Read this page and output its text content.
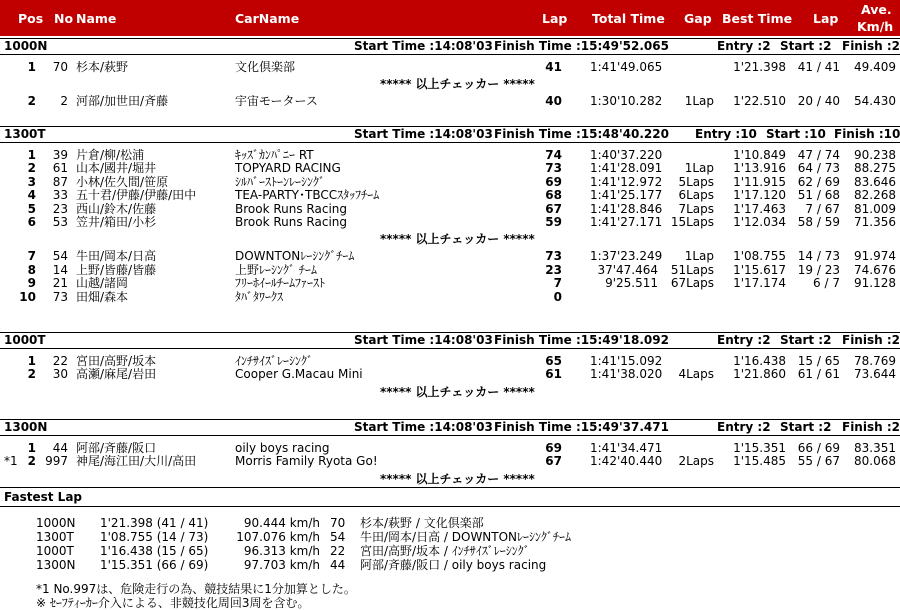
Pos No Name	CarName	Lap Total Time Gap Best Time Lap
Ave.
Km/h
1000N	Start Time :14:08'03 Finish Time :15:49'52.065	Entry :2 Start :2 Finish :2
1	70 杉本/萩野	文化倶楽部	41 1:41'49.065	1'21.398 41 / 41	49.409
***** 以上チェッカー *****
2	2 河部/加世田/斉藤	宇宙モータース	40 1:30'10.282	1Lap	1'22.510 20 / 40	54.430
1300T	Start Time :14:08'03 Finish Time :15:48'40.220 Entry :10 Start :10 Finish :10
1	39 片倉/柳/松浦	ｷｯｽﾞｶﾝﾊﾟﾆｰ RT	74 1:40'37.220	1'10.849 47 / 74	90.238
2	61 山本/國井/堀井	TOPYARD RACING	73 1:41'28.091	1Lap	1'13.916 64 / 73	88.275
3	87 小林/佐久間/笹原	ｼﾙﾊﾞｰｽﾄｰﾝﾚｰｼﾝｸﾞ	69 1:41'12.972	5Laps	1'11.915 62 / 69	83.646
4	33 五十君/伊藤/伊藤/田中	TEA-PARTY･TBCCｽﾀｯﾌﾁｰﾑ	68 1:41'25.177	6Laps	1'17.120 51 / 68	82.268
5	23 西山/鈴木/佐藤	Brook Runs Racing	67 1:41'28.846	7Laps	1'17.463	7 / 67	81.009
6	53 笠井/箱田/小杉	Brook Runs Racing	59 1:41'27.171 15Laps	1'12.034 58 / 59	71.356
***** 以上チェッカー *****
7	54 牛田/岡本/日高	DOWNTONﾚｰｼﾝｸﾞﾁｰﾑ	73 1:37'23.249	1Lap	1'08.755 14 / 73	91.974
8	14 上野/皆藤/皆藤	上野ﾚｰｼﾝｸﾞ ﾁｰﾑ	23	37'47.464	51Laps	1'15.617 19 / 23	74.676
9	21 山越/諸岡	ﾌﾘｰﾎｲｰﾙﾁｰﾑﾌｧｰｽﾄ	7	9'25.511	67Laps	1'17.174	6 / 7	91.128
10	73 田畑/森本	ﾀﾊﾞﾀﾜｰｸｽ	0
1000T	Start Time :14:08'03 Finish Time :15:49'18.092	Entry :2 Start :2 Finish :2
1	22 宮田/高野/坂本	ｲﾝﾁｻｲｽﾞﾚｰｼﾝｸﾞ	65 1:41'15.092	1'16.438 15 / 65	78.769
2	30 高瀬/麻尾/岩田	Cooper G.Macau Mini	61 1:41'38.020	4Laps	1'21.860 61 / 61	73.644
***** 以上チェッカー *****
1300N	Start Time :14:08'03 Finish Time :15:49'37.471	Entry :2 Start :2 Finish :2
1	44 阿部/斉藤/阪口	oily boys racing	69 1:41'34.471	1'15.351 66 / 69	83.351
*1 2 997 神尾/海江田/大川/高田	Morris Family Ryota Go!	67 1:42'40.440	2Laps	1'15.485 55 / 67	80.068
***** 以上チェッカー *****
Fastest Lap
1000N	1'21.398 (41 / 41)	90.444 km/h 70	杉本/萩野 / 文化倶楽部
1300T	1'08.755 (14 / 73)	107.076 km/h 54	牛田/岡本/日高 / DOWNTONﾚｰｼﾝｸﾞﾁｰﾑ
1000T	1'16.438 (15 / 65)	96.313 km/h 22	宮田/高野/坂本 / ｲﾝﾁｻｲｽﾞﾚｰｼﾝｸﾞ
1300N	1'15.351 (66 / 69)	97.703 km/h 44	阿部/斉藤/阪口 / oily boys racing
*1 No.997は、危険走行の為、競技結果に1分加算とした。
※ ｾｰﾌﾃｨｰｶｰ介入による、非競技化周回3周を含む。
